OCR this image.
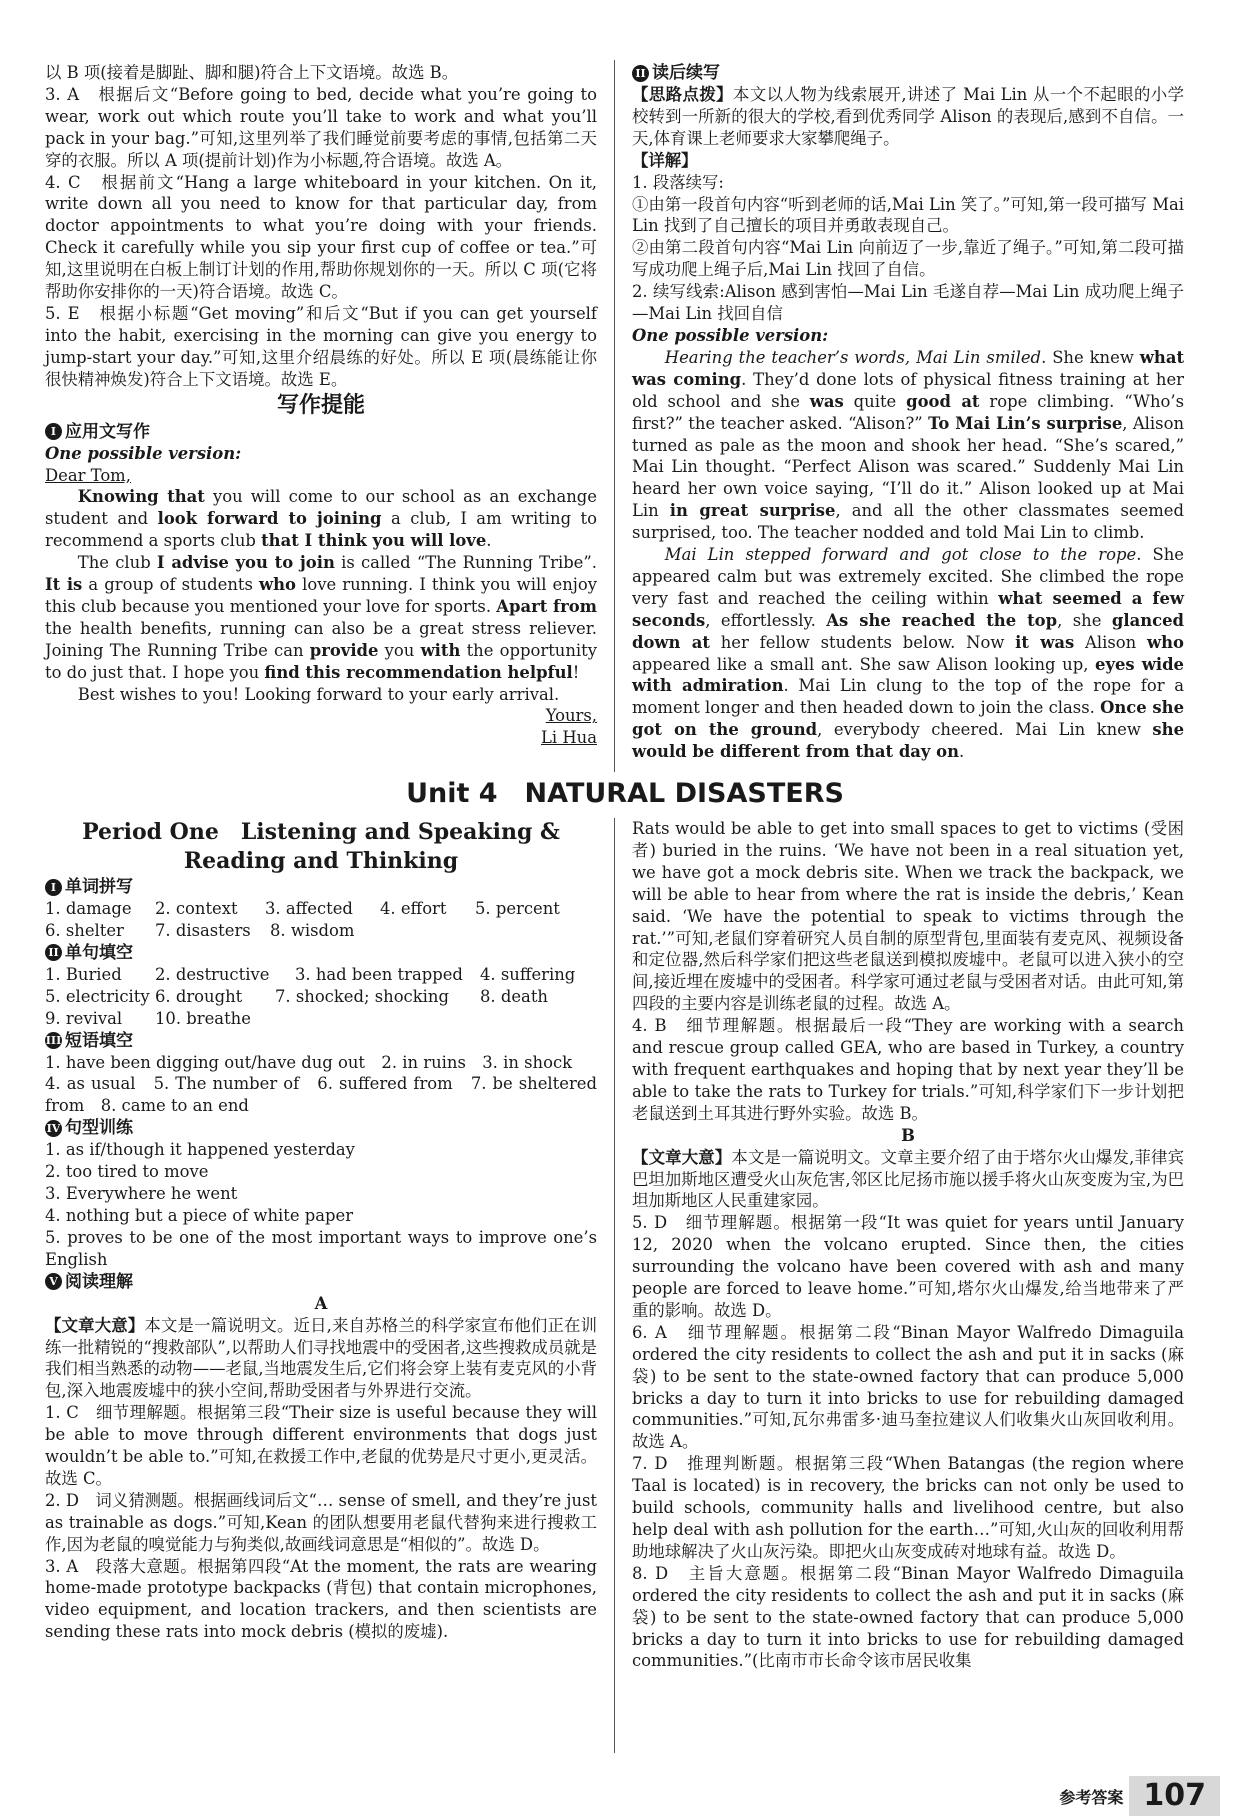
以 B 项(接着是脚趾、脚和腿)符合上下文语境。故选 B。

3. A　根据后文“Before going to bed, decide what you’re going to wear, work out which route you’ll take to work and what you’ll pack in your bag.”可知,这里列举了我们睡觉前要考虑的事情,包括第二天穿的衣服。所以 A 项(提前计划)作为小标题,符合语境。故选 A。

4. C　根据前文“Hang a large whiteboard in your kitchen. On it, write down all you need to know for that particular day, from doctor appointments to what you’re doing with your friends. Check it carefully while you sip your first cup of coffee or tea.”可知,这里说明在白板上制订计划的作用,帮助你规划你的一天。所以 C 项(它将帮助你安排你的一天)符合语境。故选 C。

5. E　根据小标题“Get moving”和后文“But if you can get yourself into the habit, exercising in the morning can give you energy to jump-start your day.”可知,这里介绍晨练的好处。所以 E 项(晨练能让你很快精神焕发)符合上下文语境。故选 E。

写作提能

I 应用文写作

One possible version:

Dear Tom,

Knowing that you will come to our school as an exchange student and look forward to joining a club, I am writing to recommend a sports club that I think you will love.

The club I advise you to join is called “The Running Tribe”. It is a group of students who love running. I think you will enjoy this club because you mentioned your love for sports. Apart from the health benefits, running can also be a great stress reliever. Joining The Running Tribe can provide you with the opportunity to do just that. I hope you find this recommendation helpful!

Best wishes to you! Looking forward to your early arrival.

Yours,

Li Hua

II 读后续写

【思路点拨】本文以人物为线索展开,讲述了 Mai Lin 从一个不起眼的小学校转到一所新的很大的学校,看到优秀同学 Alison 的表现后,感到不自信。一天,体育课上老师要求大家攀爬绳子。

【详解】

1. 段落续写:

①由第一段首句内容“听到老师的话,Mai Lin 笑了。”可知,第一段可描写 Mai Lin 找到了自己擅长的项目并勇敢表现自己。

②由第二段首句内容“Mai Lin 向前迈了一步,靠近了绳子。”可知,第二段可描写成功爬上绳子后,Mai Lin 找回了自信。

2. 续写线索:Alison 感到害怕—Mai Lin 毛遂自荐—Mai Lin 成功爬上绳子—Mai Lin 找回自信

One possible version:

Hearing the teacher’s words, Mai Lin smiled. She knew what was coming. They’d done lots of physical fitness training at her old school and she was quite good at rope climbing. “Who’s first?” the teacher asked. “Alison?” To Mai Lin’s surprise, Alison turned as pale as the moon and shook her head. “She’s scared,” Mai Lin thought. “Perfect Alison was scared.” Suddenly Mai Lin heard her own voice saying, “I’ll do it.” Alison looked up at Mai Lin in great surprise, and all the other classmates seemed surprised, too. The teacher nodded and told Mai Lin to climb.

Mai Lin stepped forward and got close to the rope. She appeared calm but was extremely excited. She climbed the rope very fast and reached the ceiling within what seemed a few seconds, effortlessly. As she reached the top, she glanced down at her fellow students below. Now it was Alison who appeared like a small ant. She saw Alison looking up, eyes wide with admiration. Mai Lin clung to the top of the rope for a moment longer and then headed down to join the class. Once she got on the ground, everybody cheered. Mai Lin knew she would be different from that day on.

Unit 4　NATURAL DISASTERS

Period One　Listening and Speaking &

Reading and Thinking

I 单词拼写

1. damage 2. context 3. affected 4. effort 5. percent
6. shelter 7. disasters 8. wisdom

II 单句填空

1. Buried 2. destructive 3. had been trapped 4. suffering
5. electricity 6. drought 7. shocked; shocking 8. death
9. revival 10. breathe

III 短语填空

1. have been digging out/have dug out　2. in ruins　3. in shock

4. as usual　5. The number of　6. suffered from　7. be sheltered from　8. came to an end

IV 句型训练

1. as if/though it happened yesterday

2. too tired to move

3. Everywhere he went

4. nothing but a piece of white paper

5. proves to be one of the most important ways to improve one’s English

V 阅读理解

A

【文章大意】本文是一篇说明文。近日,来自苏格兰的科学家宣布他们正在训练一批精锐的“搜救部队”,以帮助人们寻找地震中的受困者,这些搜救成员就是我们相当熟悉的动物——老鼠,当地震发生后,它们将会穿上装有麦克风的小背包,深入地震废墟中的狭小空间,帮助受困者与外界进行交流。

1. C　细节理解题。根据第三段“Their size is useful because they will be able to move through different environments that dogs just wouldn’t be able to.”可知,在救援工作中,老鼠的优势是尺寸更小,更灵活。故选 C。

2. D　词义猜测题。根据画线词后文“… sense of smell, and they’re just as trainable as dogs.”可知,Kean 的团队想要用老鼠代替狗来进行搜救工作,因为老鼠的嗅觉能力与狗类似,故画线词意思是“相似的”。故选 D。

3. A　段落大意题。根据第四段“At the moment, the rats are wearing home-made prototype backpacks (背包) that contain microphones, video equipment, and location trackers, and then scientists are sending these rats into mock debris (模拟的废墟).

Rats would be able to get into small spaces to get to victims (受困者) buried in the ruins. ‘We have not been in a real situation yet, we have got a mock debris site. When we track the backpack, we will be able to hear from where the rat is inside the debris,’ Kean said. ‘We have the potential to speak to victims through the rat.’”可知,老鼠们穿着研究人员自制的原型背包,里面装有麦克风、视频设备和定位器,然后科学家们把这些老鼠送到模拟废墟中。老鼠可以进入狭小的空间,接近埋在废墟中的受困者。科学家可通过老鼠与受困者对话。由此可知,第四段的主要内容是训练老鼠的过程。故选 A。

4. B　细节理解题。根据最后一段“They are working with a search and rescue group called GEA, who are based in Turkey, a country with frequent earthquakes and hoping that by next year they’ll be able to take the rats to Turkey for trials.”可知,科学家们下一步计划把老鼠送到土耳其进行野外实验。故选 B。

B

【文章大意】本文是一篇说明文。文章主要介绍了由于塔尔火山爆发,菲律宾巴坦加斯地区遭受火山灰危害,邻区比尼扬市施以援手将火山灰变废为宝,为巴坦加斯地区人民重建家园。

5. D　细节理解题。根据第一段“It was quiet for years until January 12, 2020 when the volcano erupted. Since then, the cities surrounding the volcano have been covered with ash and many people are forced to leave home.”可知,塔尔火山爆发,给当地带来了严重的影响。故选 D。

6. A　细节理解题。根据第二段“Binan Mayor Walfredo Dimaguila ordered the city residents to collect the ash and put it in sacks (麻袋) to be sent to the state-owned factory that can produce 5,000 bricks a day to turn it into bricks to use for rebuilding damaged communities.”可知,瓦尔弗雷多·迪马奎拉建议人们收集火山灰回收利用。故选 A。

7. D　推理判断题。根据第三段“When Batangas (the region where Taal is located) is in recovery, the bricks can not only be used to build schools, community halls and livelihood centre, but also help deal with ash pollution for the earth…”可知,火山灰的回收利用帮助地球解决了火山灰污染。即把火山灰变成砖对地球有益。故选 D。

8. D　主旨大意题。根据第二段“Binan Mayor Walfredo Dimaguila ordered the city residents to collect the ash and put it in sacks (麻袋) to be sent to the state-owned factory that can produce 5,000 bricks a day to turn it into bricks to use for rebuilding damaged communities.”(比南市市长命令该市居民收集

参考答案 107
